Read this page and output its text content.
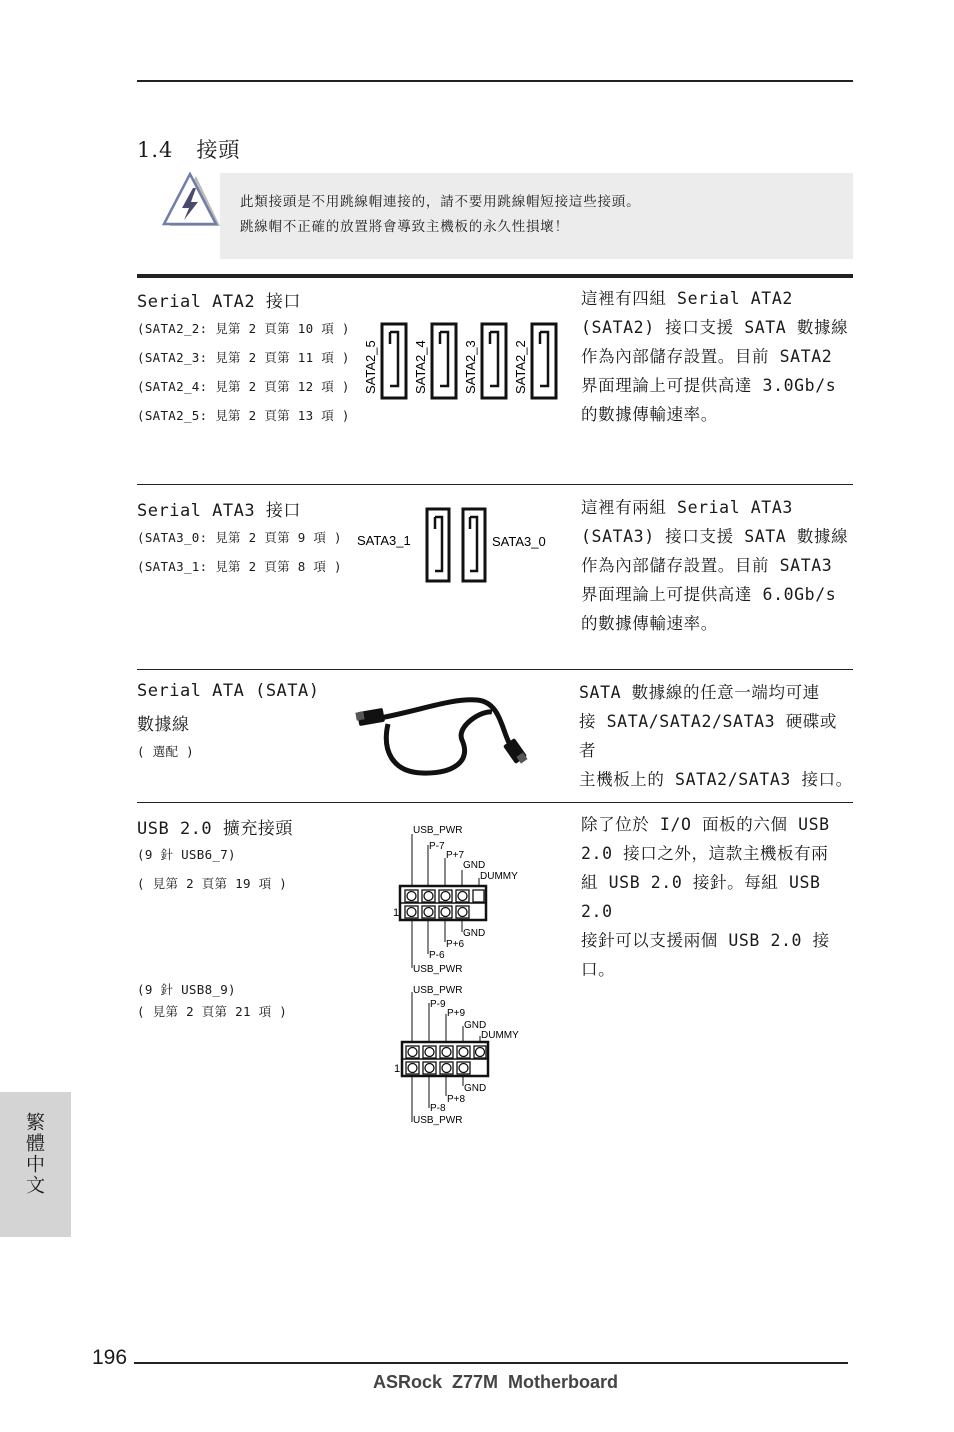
1.4 接頭

此類接頭是不用跳線帽連接的，請不要用跳線帽短接這些接頭。

跳線帽不正確的放置將會導致主機板的永久性損壞！

Serial ATA2 接口
(SATA2_2: 見第 2 頁第 10 項 )
(SATA2_3: 見第 2 頁第 11 項 )
(SATA2_4: 見第 2 頁第 12 項 )
(SATA2_5: 見第 2 頁第 13 項 )
SATA2_5	SATA2_4	SATA2_3	SATA2_2
這裡有四組 Serial ATA2
(SATA2) 接口支援 SATA 數據線
作為內部儲存設置。目前 SATA2
界面理論上可提供高達 3.0Gb/s
的數據傳輸速率。
Serial ATA3 接口
(SATA3_0: 見第 2 頁第 9 項 )
(SATA3_1: 見第 2 頁第 8 項 )
SATA3_1	SATA3_0
這裡有兩組 Serial ATA3
(SATA3) 接口支援 SATA 數據線
作為內部儲存設置。目前 SATA3
界面理論上可提供高達 6.0Gb/s
的數據傳輸速率。
Serial ATA (SATA)
數據線
( 選配 )
SATA 數據線的任意一端均可連
接 SATA/SATA2/SATA3 硬碟或者
主機板上的 SATA2/SATA3 接口。
USB 2.0 擴充接頭
(9 針 USB6_7)
( 見第 2 頁第 19 項 )
(9 針 USB8_9)
( 見第 2 頁第 21 項 )
USB_PWR
P-7
P+7
GND
DUMMY
GND
P+6
P-6
USB_PWR
1
USB_PWR
P-9
P+9
GND
DUMMY
GND
P+8
P-8
USB_PWR
1
除了位於 I/O 面板的六個 USB
2.0 接口之外，這款主機板有兩
組 USB 2.0 接針。每組 USB 2.0
接針可以支援兩個 USB 2.0 接
口。
繁體中文
196
ASRock  Z77M  Motherboard
